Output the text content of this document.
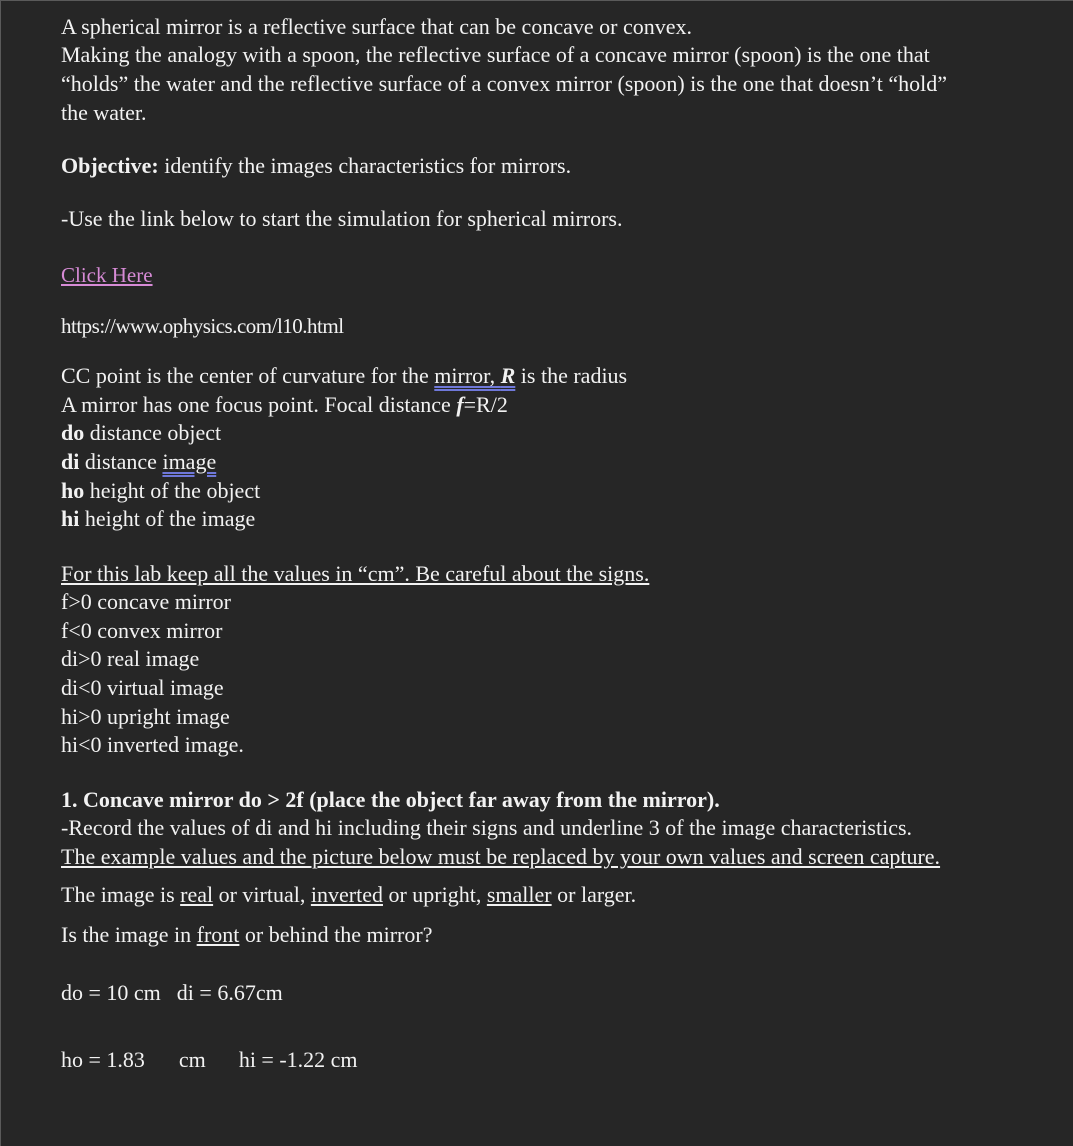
A spherical mirror is a reflective surface that can be concave or convex.
Making the analogy with a spoon, the reflective surface of a concave mirror (spoon) is the one that
“holds” the water and the reflective surface of a convex mirror (spoon) is the one that doesn’t “hold”
the water.
Objective: identify the images characteristics for mirrors.
-Use the link below to start the simulation for spherical mirrors.
Click Here
https://www.ophysics.com/l10.html
CC point is the center of curvature for the mirror, R is the radius
A mirror has one focus point. Focal distance f=R/2
do distance object
di distance image
ho height of the object
hi height of the image
For this lab keep all the values in “cm”. Be careful about the signs.
f>0 concave mirror
f<0 convex mirror
di>0 real image
di<0 virtual image
hi>0 upright image
hi<0 inverted image.
1. Concave mirror do > 2f (place the object far away from the mirror).
-Record the values of di and hi including their signs and underline 3 of the image characteristics.
The example values and the picture below must be replaced by your own values and screen capture.
The image is real or virtual, inverted or upright, smaller or larger.
Is the image in front or behind the mirror?
do = 10 cm di = 6.67cm
ho = 1.83 cm hi = -1.22 cm
